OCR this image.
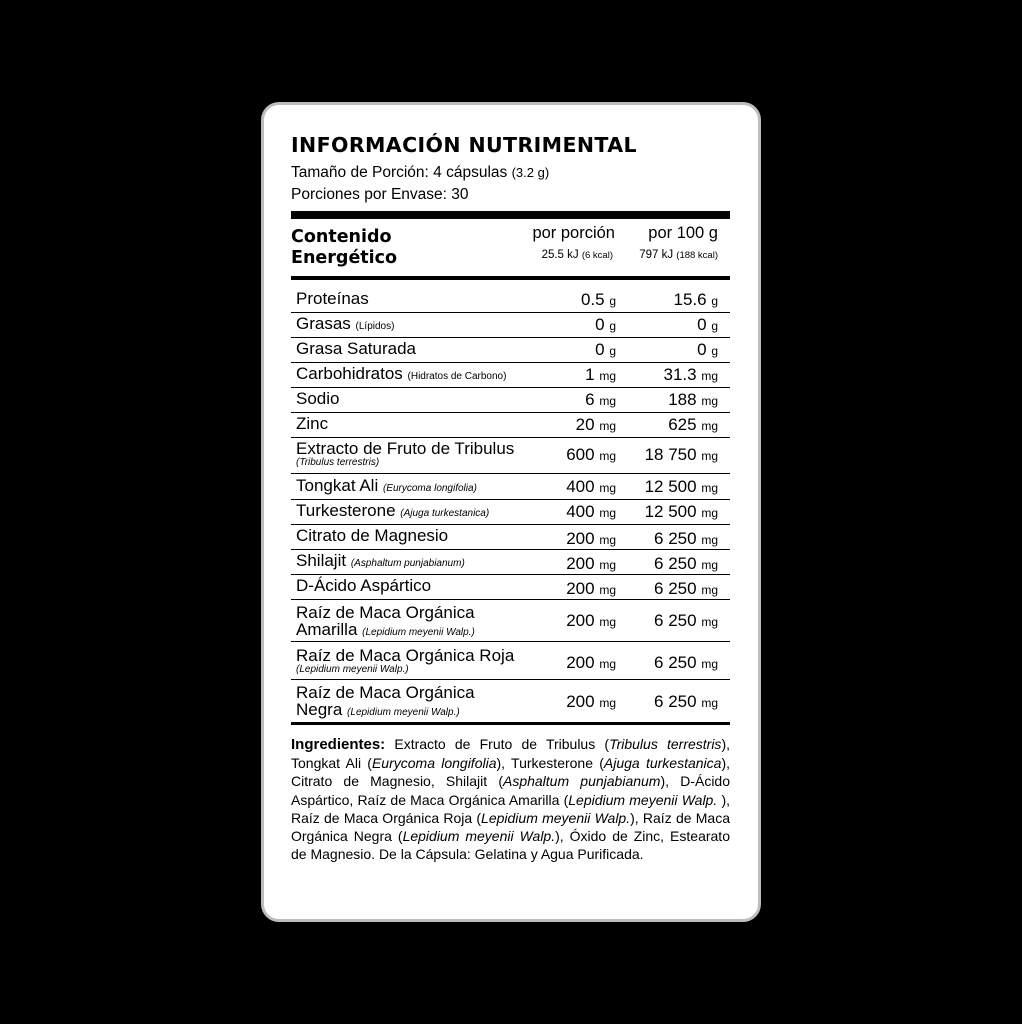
INFORMACIÓN NUTRIMENTAL
Tamaño de Porción: 4 cápsulas (3.2 g)
Porciones por Envase: 30
Contenido
Energético
por porción por 100 g
25.5 kJ (6 kcal) 797 kJ (188 kcal)
Proteínas	0.5 g	15.6 g
Grasas (Lípidos)	0 g	0 g
Grasa Saturada	0 g	0 g
Carbohidratos (Hidratos de Carbono)	1 mg	31.3 mg
Sodio	6 mg	188 mg
Zinc	20 mg	625 mg
Extracto de Fruto de Tribulus
(Tribulus terrestris)	600 mg 18 750 mg
Tongkat Ali (Eurycoma longifolia)	400 mg 12 500 mg
Turkesterone (Ajuga turkestanica)	400 mg 12 500 mg
Citrato de Magnesio	200 mg 6 250 mg
Shilajit (Asphaltum punjabianum)	200 mg 6 250 mg
D-Ácido Aspártico	200 mg 6 250 mg
Raíz de Maca Orgánica
Amarilla (Lepidium meyenii Walp.)
200 mg 6 250 mg
Raíz de Maca Orgánica Roja
(Lepidium meyenii Walp.)	200 mg 6 250 mg
Raíz de Maca Orgánica
Negra (Lepidium meyenii Walp.)
200 mg 6 250 mg
Ingredientes: Extracto de Fruto de Tribulus (Tribulus terrestris), Tongkat Ali (Eurycoma longifolia), Turkesterone (Ajuga turkestanica), Citrato de Magnesio, Shilajit (Asphaltum punjabianum), D-Ácido Aspártico, Raíz de Maca Orgánica Amarilla (Lepidium meyenii Walp. ), Raíz de Maca Orgánica Roja (Lepidium meyenii Walp.), Raíz de Maca Orgánica Negra (Lepidium meyenii Walp.), Óxido de Zinc, Estearato de Magnesio. De la Cápsula: Gelatina y Agua Purificada.
